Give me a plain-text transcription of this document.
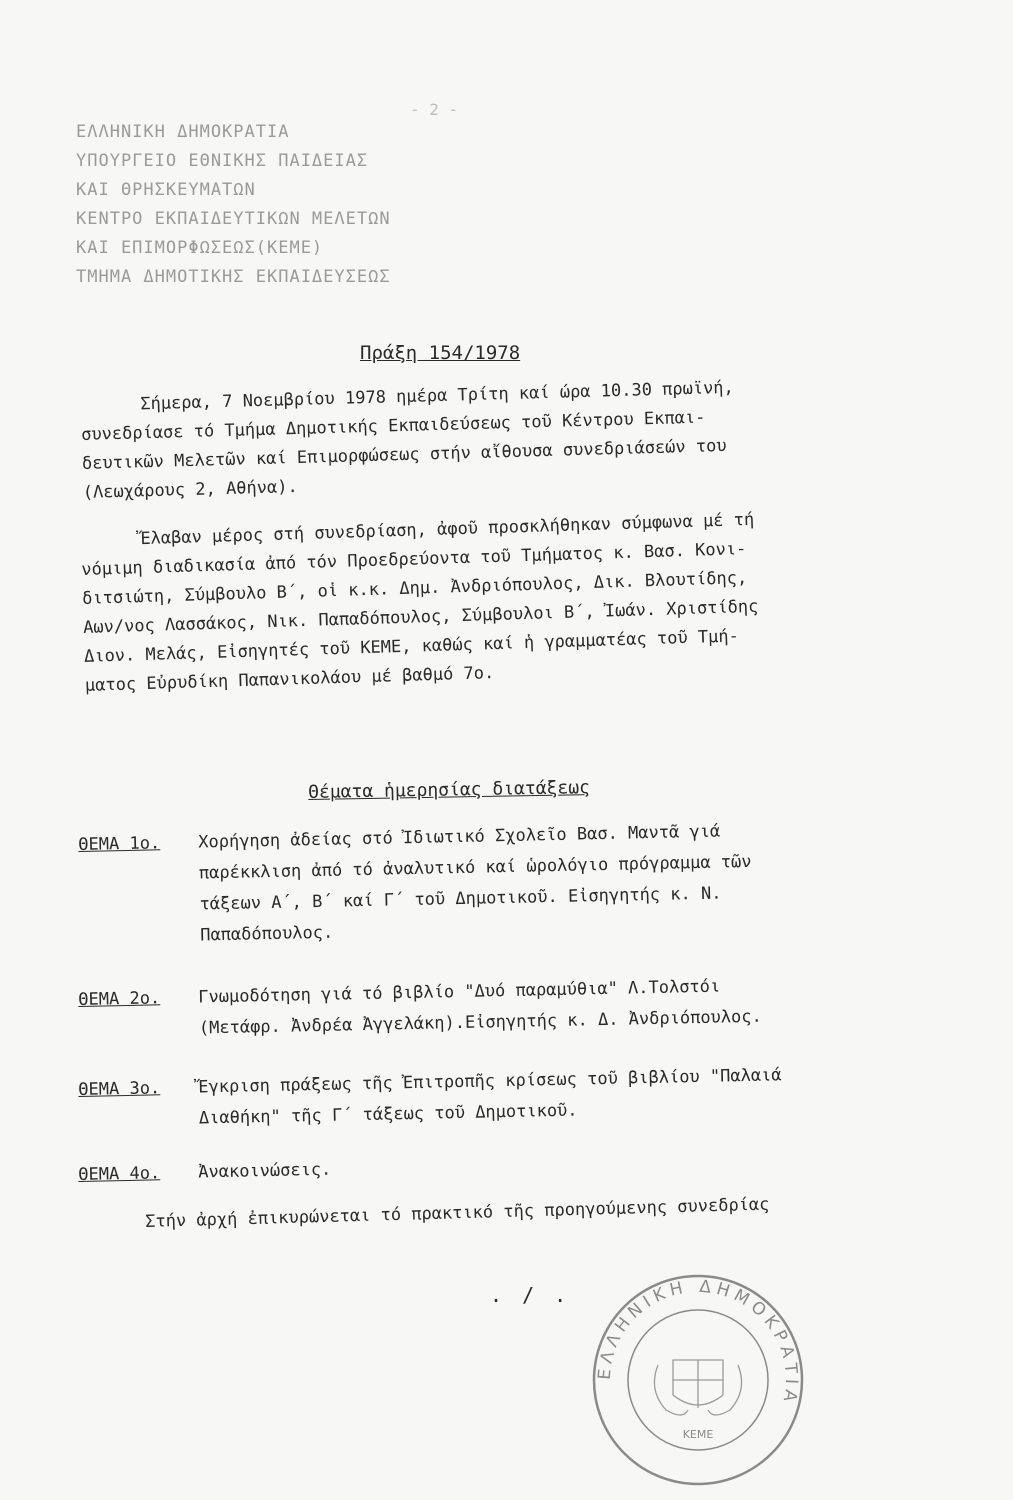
- 2 -
ΕΛΛΗΝΙΚΗ ΔΗΜΟΚΡΑΤΙΑ
ΥΠΟΥΡΓΕΙΟ ΕΘΝΙΚΗΣ ΠΑΙΔΕΙΑΣ
ΚΑΙ ΘΡΗΣΚΕΥΜΑΤΩΝ
ΚΕΝΤΡΟ ΕΚΠΑΙΔΕΥΤΙΚΩΝ ΜΕΛΕΤΩΝ
ΚΑΙ ΕΠΙΜΟΡΦΩΣΕΩΣ(ΚΕΜΕ)
ΤΜΗΜΑ ΔΗΜΟΤΙΚΗΣ ΕΚΠΑΙΔΕΥΣΕΩΣ
Πράξη 154/1978
Σήμερα, 7 Νοεμβρίου 1978 ημέρα Τρίτη καί ώρα 10.30 πρωϊνή,
συνεδρίασε τό Τμήμα Δημοτικής Εκπαιδεύσεως τοῦ Κέντρου Εκπαι-
δευτικῶν Μελετῶν καί Επιμορφώσεως στήν αἴθουσα συνεδριάσεών του
(Λεωχάρους 2, Αθήνα).
Ἔλαβαν μέρος στή συνεδρίαση, ἀφοῦ προσκλήθηκαν σύμφωνα μέ τή
νόμιμη διαδικασία ἀπό τόν Προεδρεύοντα τοῦ Τμήματος κ. Βασ. Κονι-
διτσιώτη, Σύμβουλο Β΄, οἱ κ.κ. Δημ. Ἀνδριόπουλος, Δικ. Βλουτίδης,
Αων/νος Λασσάκος, Νικ. Παπαδόπουλος, Σύμβουλοι Β΄, Ἰωάν. Χριστίδης
Διον. Μελάς, Εἰσηγητές τοῦ ΚΕΜΕ, καθώς καί ἡ γραμματέας τοῦ Τμή-
ματος Εὐρυδίκη Παπανικολάου μέ βαθμό 7ο.
Θέματα ἡμερησίας διατάξεως
ΘΕΜΑ 1ο. Χορήγηση ἀδείας στό Ἰδιωτικό Σχολεῖο Βασ. Μαντᾶ γιά
παρέκκλιση ἀπό τό ἀναλυτικό καί ὡρολόγιο πρόγραμμα τῶν
τάξεων Α΄, Β΄ καί Γ΄ τοῦ Δημοτικοῦ. Εἰσηγητής κ. Ν.
Παπαδόπουλος.
ΘΕΜΑ 2ο. Γνωμοδότηση γιά τό βιβλίο "Δυό παραμύθια" Λ.Τολστόι
(Μετάφρ. Ἀνδρέα Ἀγγελάκη).Εἰσηγητής κ. Δ. Ἀνδριόπουλος.
ΘΕΜΑ 3ο. Ἔγκριση πράξεως τῆς Ἐπιτροπῆς κρίσεως τοῦ βιβλίου "Παλαιά
Διαθήκη" τῆς Γ΄ τάξεως τοῦ Δημοτικοῦ.
ΘΕΜΑ 4ο. Ἀνακοινώσεις.
Στήν ἀρχή ἐπικυρώνεται τό πρακτικό τῆς προηγούμενης συνεδρίας
. / .
ΕΛΛΗΝΙΚΗ ΔΗΜΟΚΡΑΤΙΑ
ΚΕΜΕ
